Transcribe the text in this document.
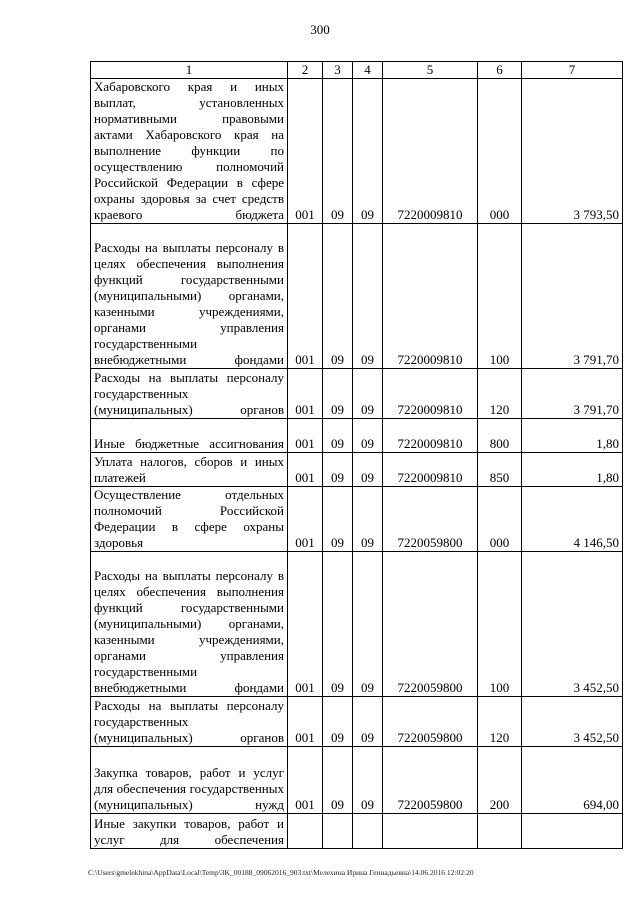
300
1	2	3	4	5	6	7
Хабаровского края и иных выплат, установленных нормативными правовыми актами Хабаровского края на выполнение функции по осуществлению полномочий Российской Федерации в сфере охраны здоровья за счет средств краевого бюджета	001	09	09	7220009810	000	3 793,50
Расходы на выплаты персоналу в целях обеспечения выполнения функций государственными (муниципальными) органами, казенными учреждениями, органами управления государственными внебюджетными фондами	001	09	09	7220009810	100	3 791,70
Расходы на выплаты персоналу государственных (муниципальных) органов	001	09	09	7220009810	120	3 791,70
Иные бюджетные ассигнования	001	09	09	7220009810	800	1,80
Уплата налогов, сборов и иных платежей	001	09	09	7220009810	850	1,80
Осуществление отдельных полномочий Российской Федерации в сфере охраны здоровья	001	09	09	7220059800	000	4 146,50
Расходы на выплаты персоналу в целях обеспечения выполнения функций государственными (муниципальными) органами, казенными учреждениями, органами управления государственными внебюджетными фондами	001	09	09	7220059800	100	3 452,50
Расходы на выплаты персоналу государственных (муниципальных) органов	001	09	09	7220059800	120	3 452,50
Закупка товаров, работ и услуг для обеспечения государственных (муниципальных) нужд	001	09	09	7220059800	200	694,00
Иные закупки товаров, работ и услуг для обеспечения						
C:\Users\gmelekhina\AppData\Local\Temp\3K_00188_09062016_903.txt\Мелехина Ирина Геннадьевна\14.06.2016 12:02:20
